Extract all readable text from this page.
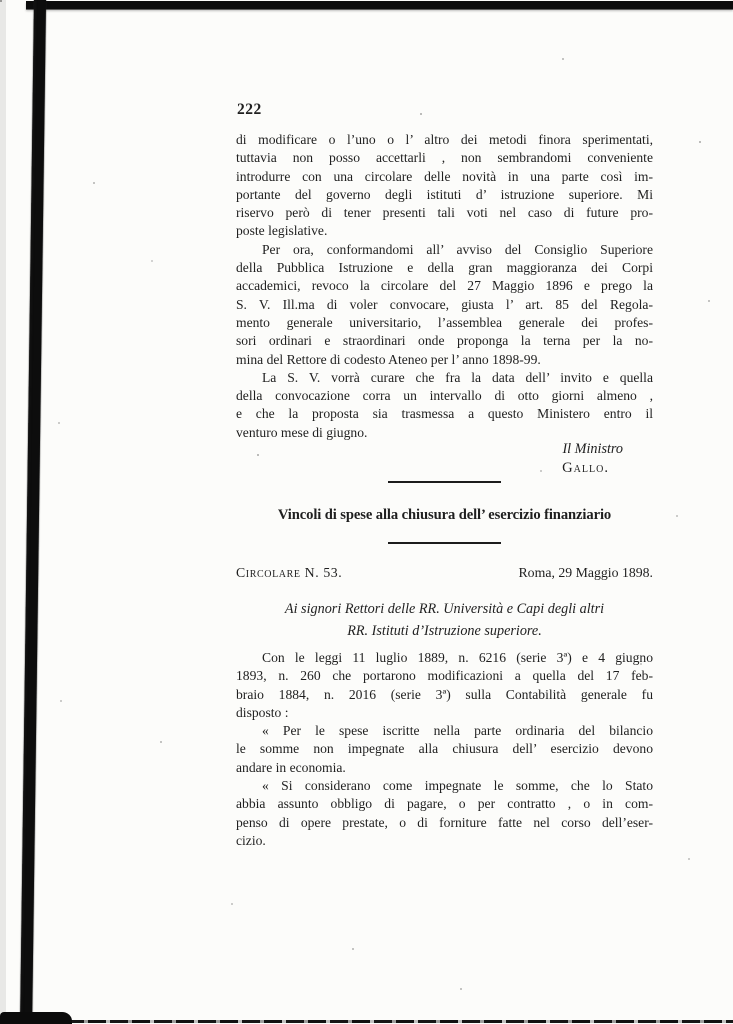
222
di modificare o l’uno o l’ altro dei metodi finora sperimentati,
tuttavia non posso accettarli , non sembrandomi conveniente
introdurre con una circolare delle novità in una parte così im-
portante del governo degli istituti d’ istruzione superiore. Mi
riservo però di tener presenti tali voti nel caso di future pro-
poste legislative.
Per ora, conformandomi all’ avviso del Consiglio Superiore
della Pubblica Istruzione e della gran maggioranza dei Corpi
accademici, revoco la circolare del 27 Maggio 1896 e prego la
S. V. Ill.ma di voler convocare, giusta l’ art. 85 del Regola-
mento generale universitario, l’assemblea generale dei profes-
sori ordinari e straordinari onde proponga la terna per la no-
mina del Rettore di codesto Ateneo per l’ anno 1898-99.
La S. V. vorrà curare che fra la data dell’ invito e quella
della convocazione corra un intervallo di otto giorni almeno ,
e che la proposta sia trasmessa a questo Ministero entro il
venturo mese di giugno.
Il Ministro
Gallo.
Vincoli di spese alla chiusura dell’ esercizio finanziario
Circolare N. 53.	Roma, 29 Maggio 1898.
Ai signori Rettori delle RR. Università e Capi degli altri
RR. Istituti d’Istruzione superiore.
Con le leggi 11 luglio 1889, n. 6216 (serie 3ª) e 4 giugno
1893, n. 260 che portarono modificazioni a quella del 17 feb-
braio 1884, n. 2016 (serie 3ª) sulla Contabilità generale fu
disposto :
« Per le spese iscritte nella parte ordinaria del bilancio
le somme non impegnate alla chiusura dell’ esercizio devono
andare in economia.
« Si considerano come impegnate le somme, che lo Stato
abbia assunto obbligo di pagare, o per contratto , o in com-
penso di opere prestate, o di forniture fatte nel corso dell’eser-
cizio.
